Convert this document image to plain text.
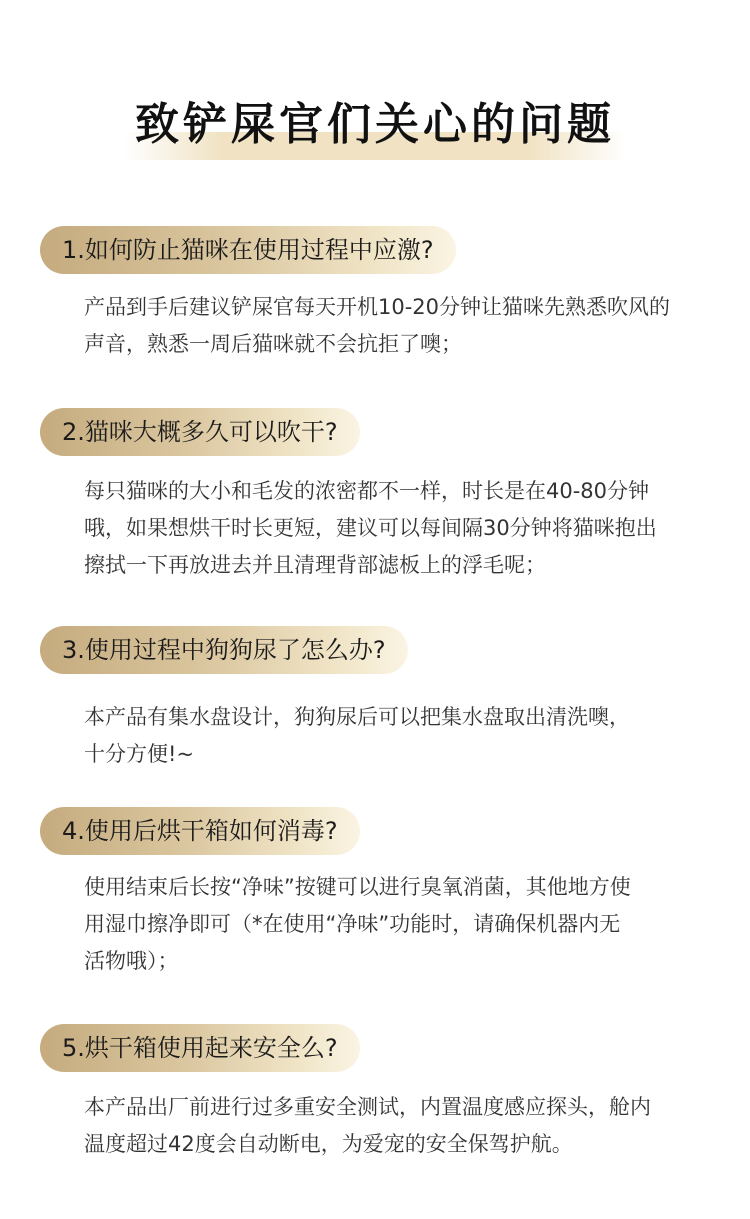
致铲屎官们关心的问题
1.如何防止猫咪在使用过程中应激?
产品到手后建议铲屎官每天开机10-20分钟让猫咪先熟悉吹风的
声音，熟悉一周后猫咪就不会抗拒了噢；
2.猫咪大概多久可以吹干?
每只猫咪的大小和毛发的浓密都不一样，时长是在40-80分钟
哦，如果想烘干时长更短，建议可以每间隔30分钟将猫咪抱出
擦拭一下再放进去并且清理背部滤板上的浮毛呢；
3.使用过程中狗狗尿了怎么办?
本产品有集水盘设计，狗狗尿后可以把集水盘取出清洗噢，
十分方便!~
4.使用后烘干箱如何消毒?
使用结束后长按“净味”按键可以进行臭氧消菌，其他地方使
用湿巾擦净即可（*在使用“净味”功能时，请确保机器内无
活物哦）；
5.烘干箱使用起来安全么?
本产品出厂前进行过多重安全测试，内置温度感应探头，舱内
温度超过42度会自动断电，为爱宠的安全保驾护航。
